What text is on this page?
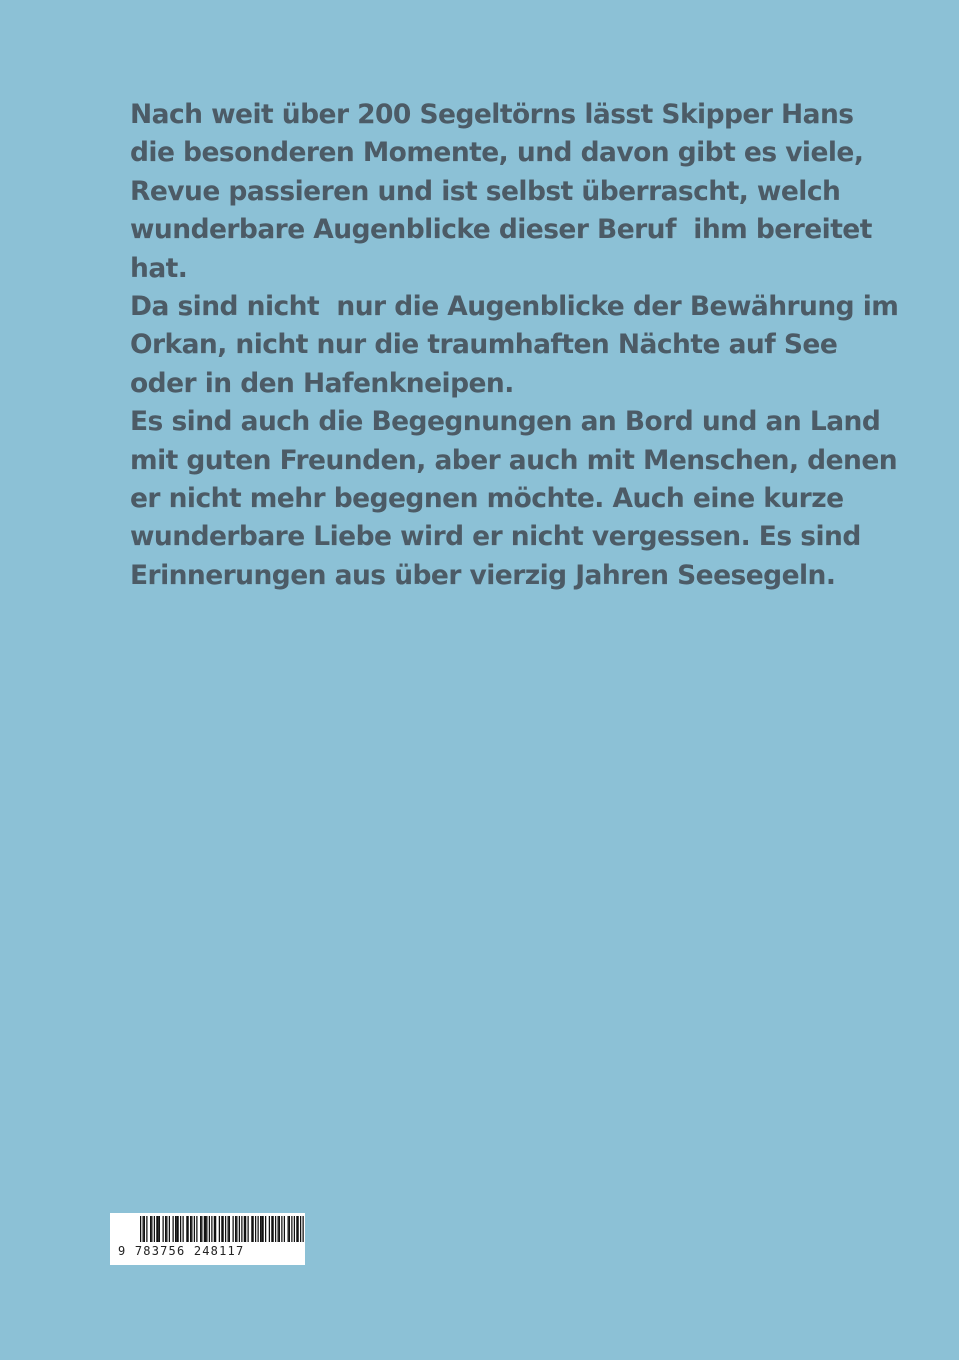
Nach weit über 200 Segeltörns lässt Skipper Hans
die besonderen Momente, und davon gibt es viele,
Revue passieren und ist selbst überrascht, welch
wunderbare Augenblicke dieser Beruf  ihm bereitet
hat.
Da sind nicht  nur die Augenblicke der Bewährung im
Orkan, nicht nur die traumhaften Nächte auf See
oder in den Hafenkneipen.
Es sind auch die Begegnungen an Bord und an Land
mit guten Freunden, aber auch mit Menschen, denen
er nicht mehr begegnen möchte. Auch eine kurze
wunderbare Liebe wird er nicht vergessen. Es sind
Erinnerungen aus über vierzig Jahren Seesegeln.

9 783756 248117
